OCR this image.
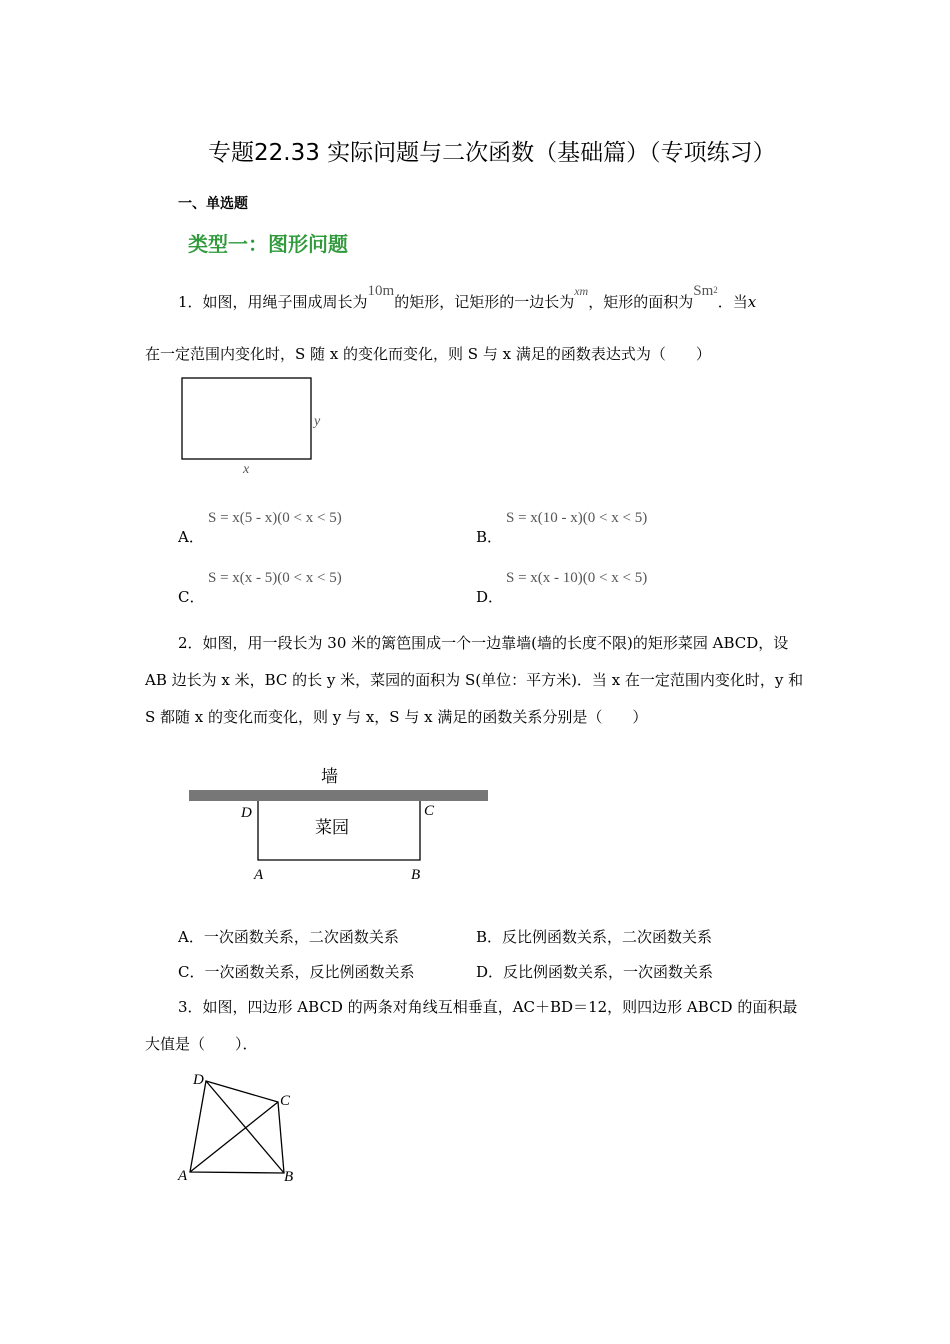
专题22.33 实际问题与二次函数（基础篇）（专项练习）
一、单选题
类型一：图形问题
1．如图，用绳子围成周长为10m的矩形，记矩形的一边长为$^{xm}$，矩形的面积为Sm$^2$．当x
在一定范围内变化时，S 随 x 的变化而变化，则 S 与 x 满足的函数表达式为（　　）
x
y
A．
S = x(5 - x)(0 < x < 5)
B．
S = x(10 - x)(0 < x < 5)
C．
S = x(x - 5)(0 < x < 5)
D．
S = x(x - 10)(0 < x < 5)
2．如图，用一段长为 30 米的篱笆围成一个一边靠墙(墙的长度不限)的矩形菜园 ABCD，设
AB 边长为 x 米，BC 的长 y 米，菜园的面积为 S(单位：平方米)．当 x 在一定范围内变化时，y 和
S 都随 x 的变化而变化，则 y 与 x，S 与 x 满足的函数关系分别是（　　）
墙
菜园
D	C
A	B
A．一次函数关系，二次函数关系	B．反比例函数关系，二次函数关系
C．一次函数关系，反比例函数关系	D．反比例函数关系，一次函数关系
3．如图，四边形 ABCD 的两条对角线互相垂直，AC＋BD＝12，则四边形 ABCD 的面积最
大值是（　　）．
D
C
A	B
